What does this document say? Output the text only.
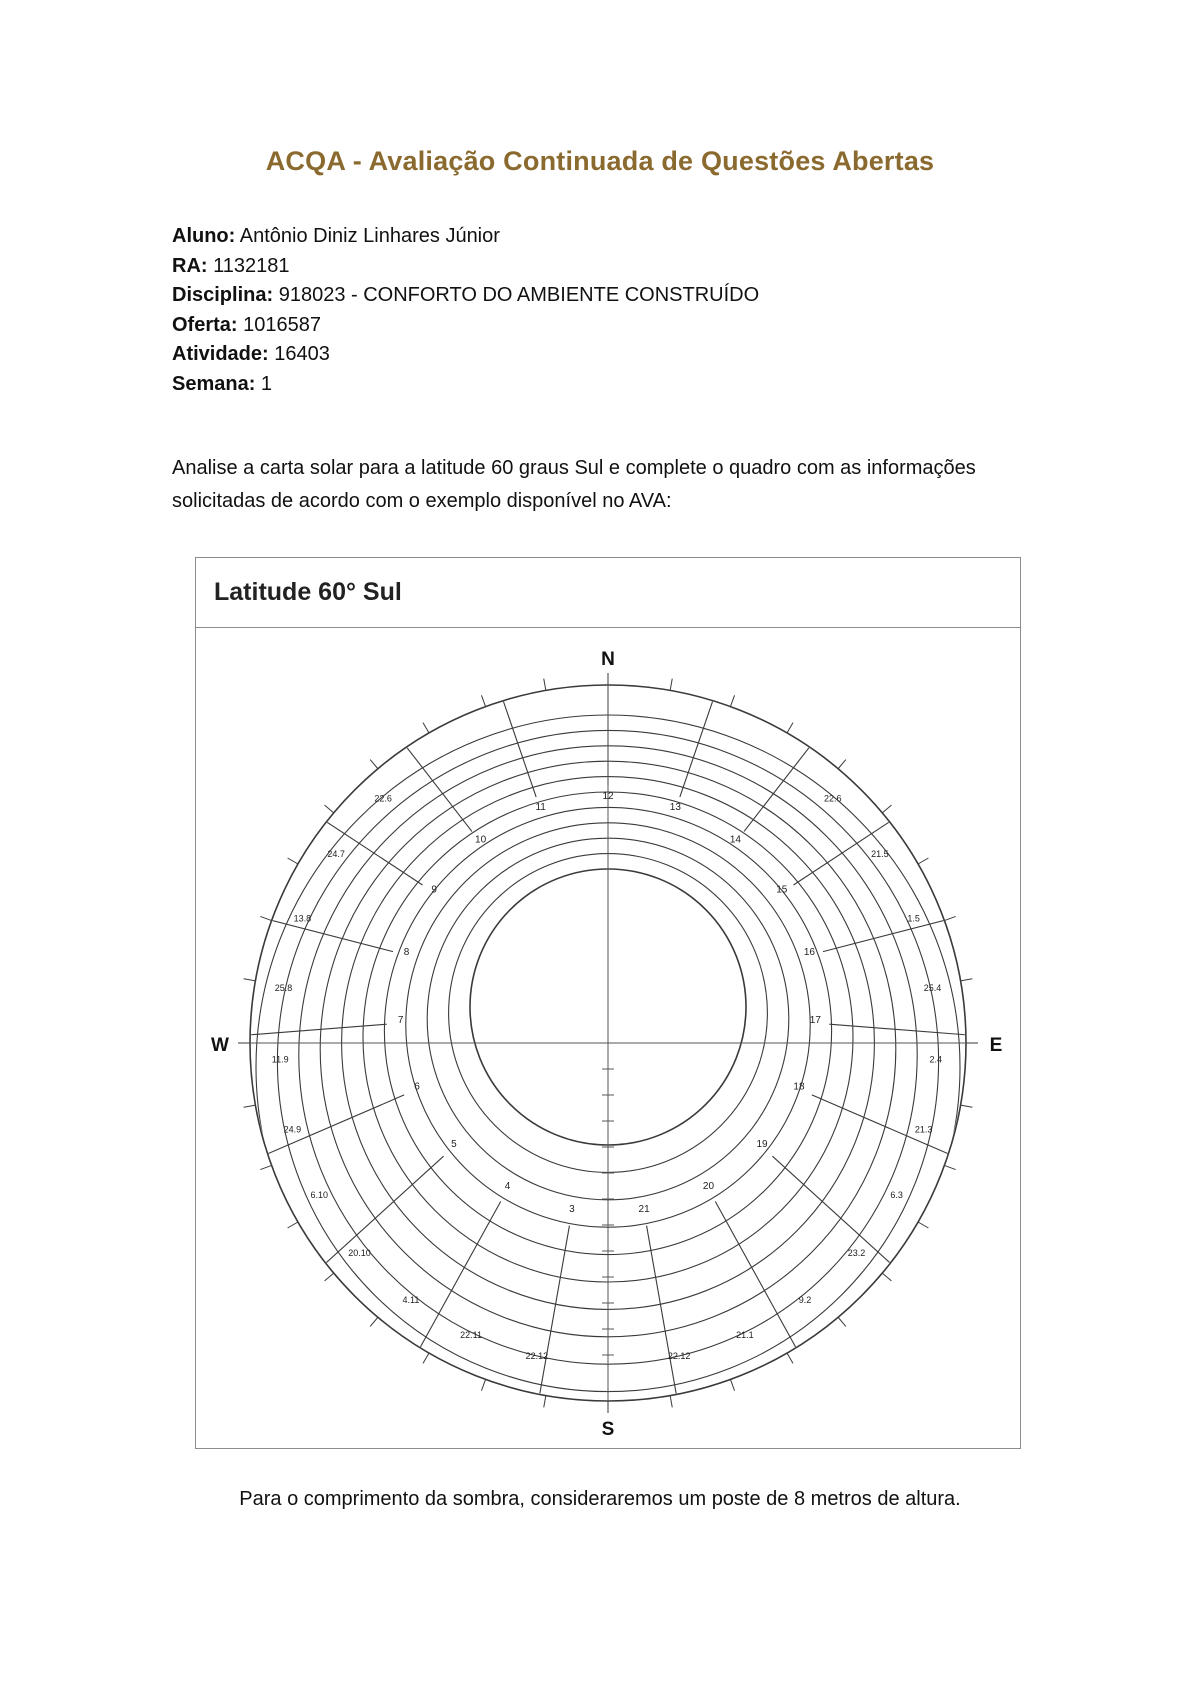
ACQA - Avaliação Continuada de Questões Abertas
Aluno: Antônio Diniz Linhares Júnior
RA: 1132181
Disciplina: 918023 - CONFORTO DO AMBIENTE CONSTRUÍDO
Oferta: 1016587
Atividade: 16403
Semana: 1
Analise a carta solar para a latitude 60 graus Sul e complete o quadro com as informações solicitadas de acordo com o exemplo disponível no AVA:
Latitude 60° Sul
N
S
E
W
3
4
5
6
7
8
9
10
11
12
13
14
15
16
17
18
19
20
21
22.6
24.7
13.8
25.8
11.9
24.9
6.10
20.10
4.11
22.11
22.12
22.6
21.5
1.5
25.4
2.4
21.3
6.3
23.2
9.2
21.1
22.12
Para o comprimento da sombra, consideraremos um poste de 8 metros de altura.
